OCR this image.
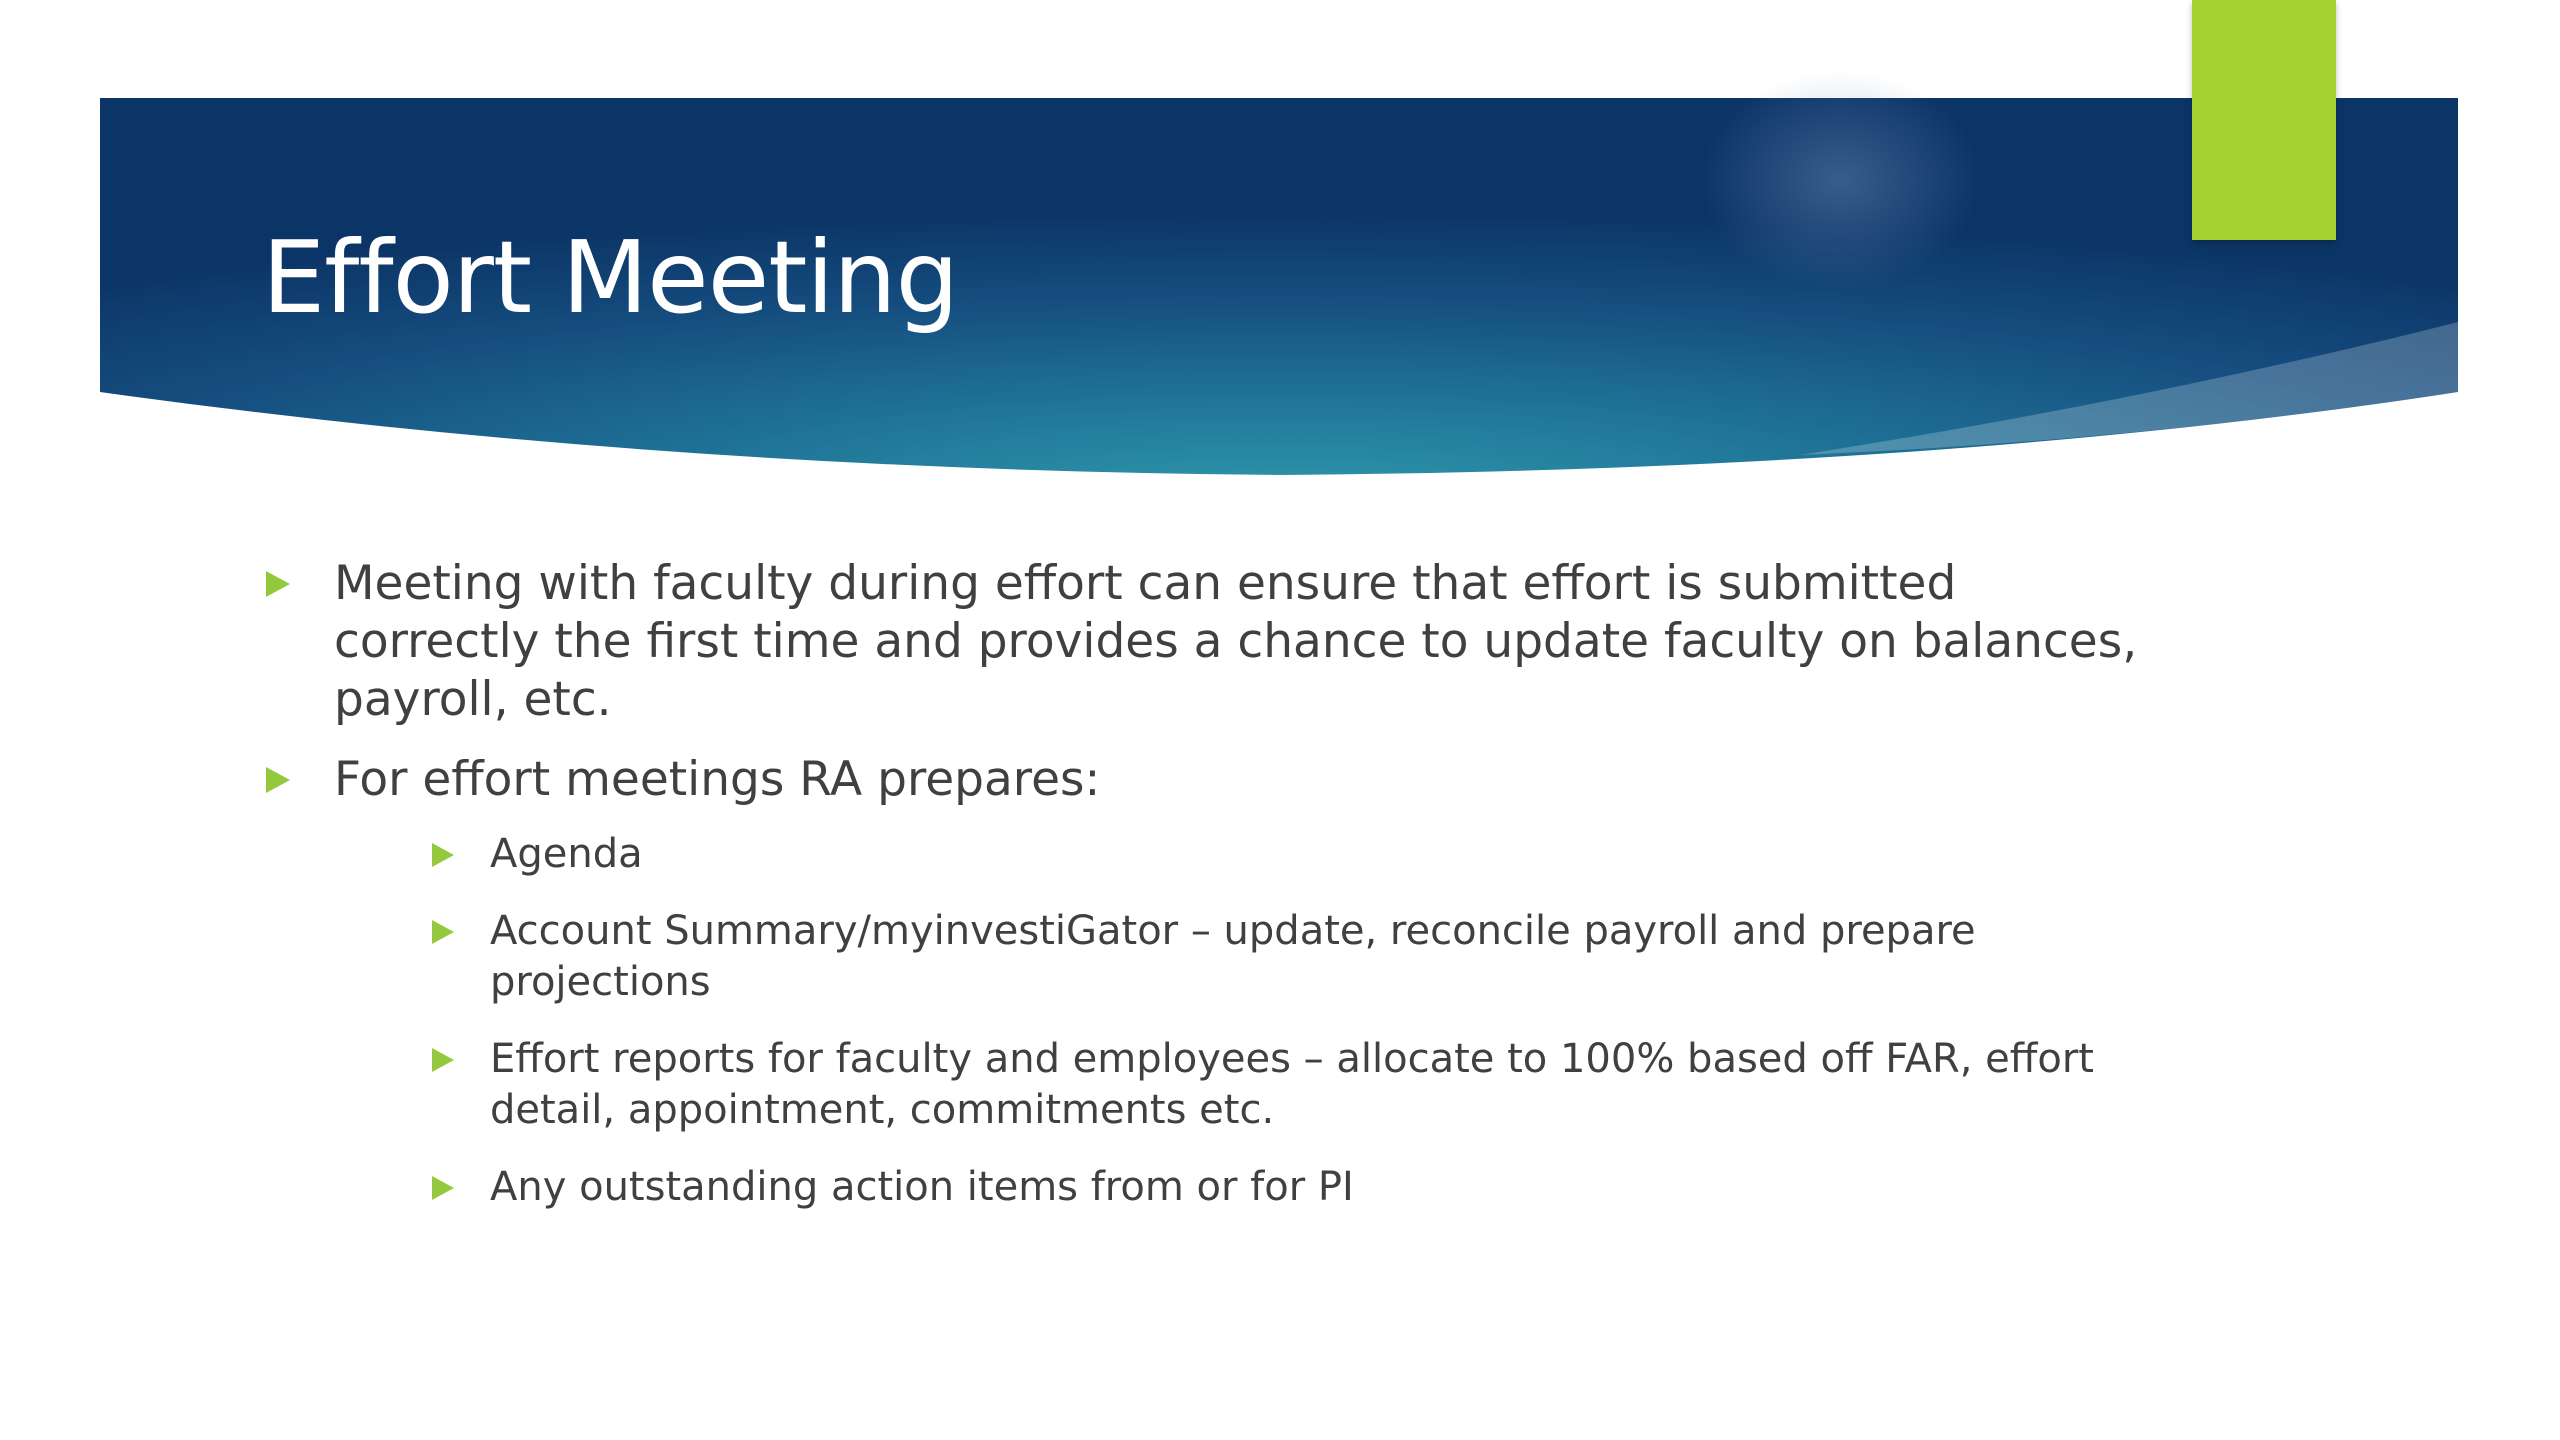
Effort Meeting
Meeting with faculty during effort can ensure that effort is submitted correctly the first time and provides a chance to update faculty on balances, payroll, etc.
For effort meetings RA prepares:
Agenda
Account Summary/myinvestiGator – update, reconcile payroll and prepare projections
Effort reports for faculty and employees – allocate to 100% based off FAR, effort detail, appointment, commitments etc.
Any outstanding action items from or for PI
